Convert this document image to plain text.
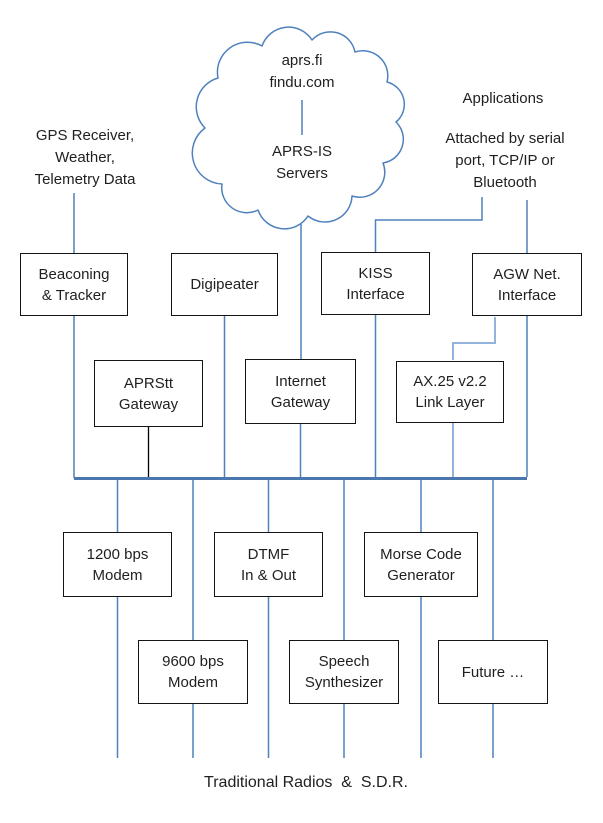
aprs.fi
findu.com
APRS-IS
Servers
GPS Receiver,
Weather,
Telemetry Data
Applications
Attached by serial
port, TCP/IP or
Bluetooth
Beaconing
& Tracker
Digipeater
KISS
Interface
AGW Net.
Interface
APRStt
Gateway
Internet
Gateway
AX.25 v2.2
Link Layer
1200 bps
Modem
DTMF
In & Out
Morse Code
Generator
9600 bps
Modem
Speech
Synthesizer
Future …
Traditional Radios  &  S.D.R.
